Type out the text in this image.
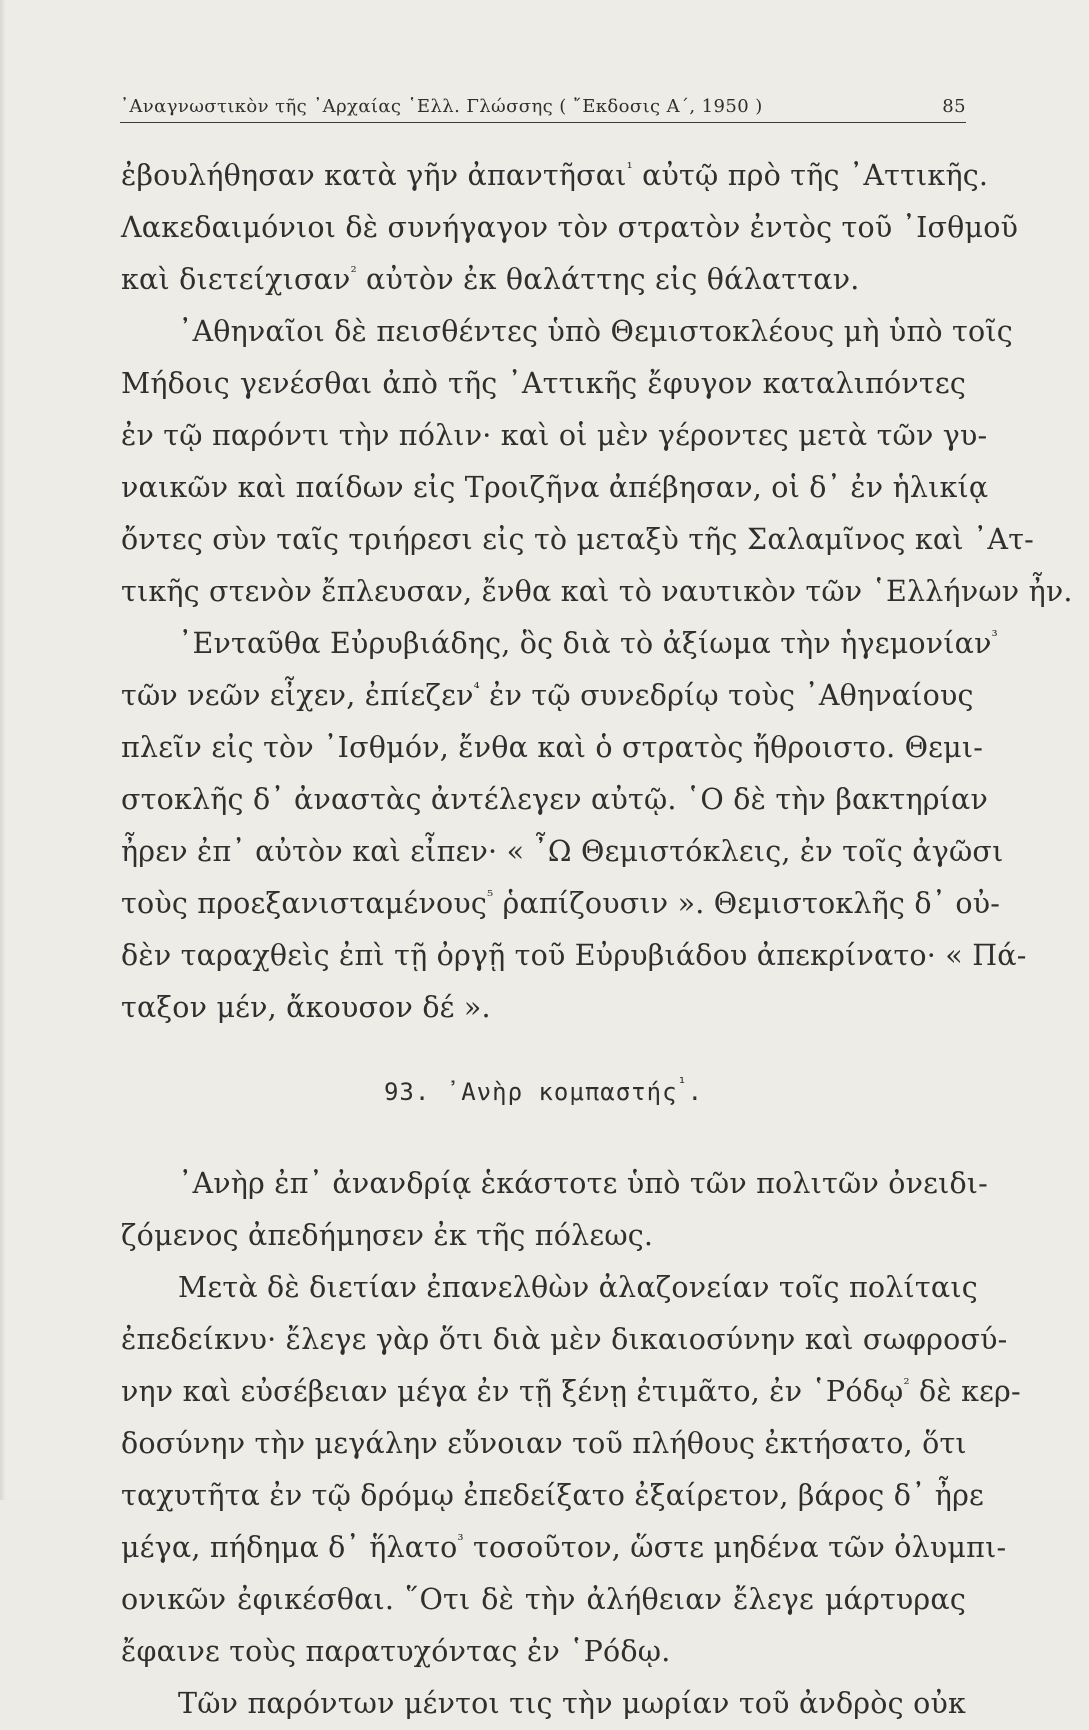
᾿Αναγνωστικὸν τῆς ᾿Αρχαίας ῾Ελλ. Γλώσσης ( ῎Εκδοσις Α΄, 1950 )	85
ἐβουλήθησαν κατὰ γῆν ἀπαντῆσαι$^{^1}$ αὐτῷ πρὸ τῆς ᾿Αττικῆς.
Λακεδαιμόνιοι δὲ συνήγαγον τὸν στρατὸν ἐντὸς τοῦ ᾿Ισθμοῦ
καὶ διετείχισαν$^{^2}$ αὐτὸν ἐκ θαλάττης εἰς θάλατταν.
᾿Αθηναῖοι δὲ πεισθέντες ὑπὸ Θεμιστοκλέους μὴ ὑπὸ τοῖς
Μήδοις γενέσθαι ἀπὸ τῆς ᾿Αττικῆς ἔφυγον καταλιπόντες
ἐν τῷ παρόντι τὴν πόλιν· καὶ οἱ μὲν γέροντες μετὰ τῶν γυ-
ναικῶν καὶ παίδων εἰς Τροιζῆνα ἀπέβησαν, οἱ δ᾿ ἐν ἡλικίᾳ
ὄντες σὺν ταῖς τριήρεσι εἰς τὸ μεταξὺ τῆς Σαλαμῖνος καὶ ᾿Ατ-
τικῆς στενὸν ἔπλευσαν, ἔνθα καὶ τὸ ναυτικὸν τῶν ῾Ελλήνων ἦν.
᾿Ενταῦθα Εὐρυβιάδης, ὃς διὰ τὸ ἀξίωμα τὴν ἡγεμονίαν$^{^3}$
τῶν νεῶν εἶχεν, ἐπίεζεν$^{^4}$ ἐν τῷ συνεδρίῳ τοὺς ᾿Αθηναίους
πλεῖν εἰς τὸν ᾿Ισθμόν, ἔνθα καὶ ὁ στρατὸς ἤθροιστο. Θεμι-
στοκλῆς δ᾿ ἀναστὰς ἀντέλεγεν αὐτῷ. ῾Ο δὲ τὴν βακτηρίαν
ἦρεν ἐπ᾿ αὐτὸν καὶ εἶπεν· « ῏Ω Θεμιστόκλεις, ἐν τοῖς ἀγῶσι
τοὺς προεξανισταμένους$^{^5}$ ῥαπίζουσιν ». Θεμιστοκλῆς δ᾿ οὐ-
δὲν ταραχθεὶς ἐπὶ τῇ ὀργῇ τοῦ Εὐρυβιάδου ἀπεκρίνατο· « Πά-
ταξον μέν, ἄκουσον δέ ».
93. ᾿Ανὴρ κομπαστής$^{^1}$.
᾿Ανὴρ ἐπ᾿ ἀνανδρίᾳ ἑκάστοτε ὑπὸ τῶν πολιτῶν ὀνειδι-
ζόμενος ἀπεδήμησεν ἐκ τῆς πόλεως.
Μετὰ δὲ διετίαν ἐπανελθὼν ἀλαζονείαν τοῖς πολίταις
ἐπεδείκνυ· ἔλεγε γὰρ ὅτι διὰ μὲν δικαιοσύνην καὶ σωφροσύ-
νην καὶ εὐσέβειαν μέγα ἐν τῇ ξένῃ ἐτιμᾶτο, ἐν ῾Ρόδῳ$^{^2}$ δὲ κερ-
δοσύνην τὴν μεγάλην εὔνοιαν τοῦ πλήθους ἐκτήσατο, ὅτι
ταχυτῆτα ἐν τῷ δρόμῳ ἐπεδείξατο ἐξαίρετον, βάρος δ᾿ ἦρε
μέγα, πήδημα δ᾿ ἥλατο$^{^3}$ τοσοῦτον, ὥστε μηδένα τῶν ὀλυμπι-
ονικῶν ἐφικέσθαι. ῞Οτι δὲ τὴν ἀλήθειαν ἔλεγε μάρτυρας
ἔφαινε τοὺς παρατυχόντας ἐν ῾Ρόδῳ.
Τῶν παρόντων μέντοι τις τὴν μωρίαν τοῦ ἀνδρὸς οὐκ
